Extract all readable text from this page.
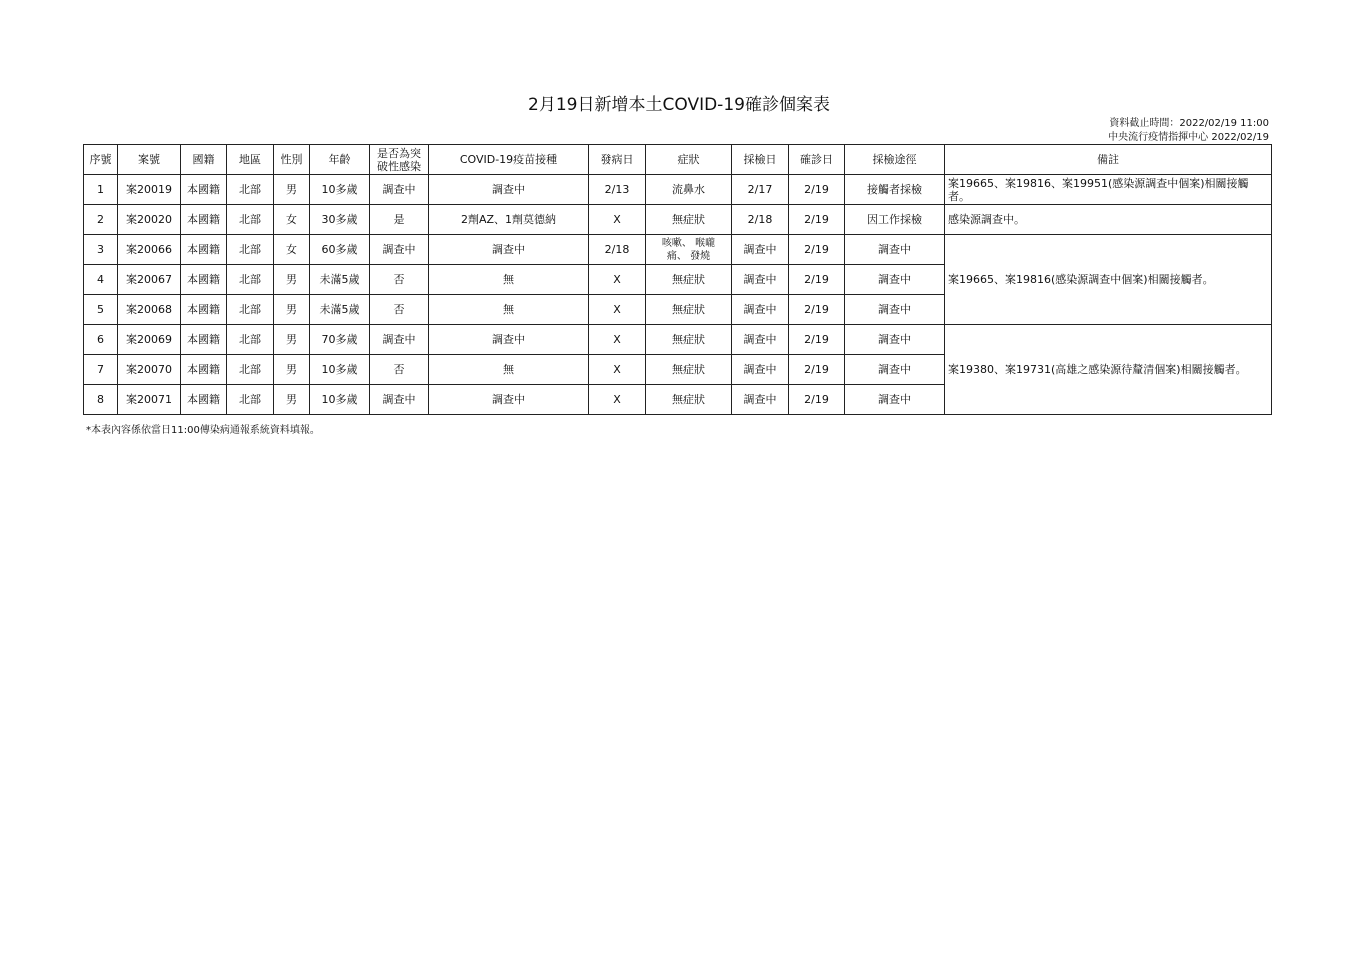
2月19日新增本土COVID-19確診個案表
資料截止時間：2022/02/19 11:00
中央流行疫情指揮中心 2022/02/19
序號	案號	國籍	地區	性別	年齡	是否為突破性感染	COVID-19疫苗接種	發病日	症狀	採檢日	確診日	採檢途徑	備註
1	案20019	本國籍	北部	男	10多歲	調查中	調查中	2/13	流鼻水	2/17	2/19	接觸者採檢	案19665、案19816、案19951(感染源調查中個案)相關接觸者。
2	案20020	本國籍	北部	女	30多歲	是	2劑AZ、1劑莫德納	X	無症狀	2/18	2/19	因工作採檢	感染源調查中。
3	案20066	本國籍	北部	女	60多歲	調查中	調查中	2/18	咳嗽、 喉嚨痛、 發燒	調查中	2/19	調查中	案19665、案19816(感染源調查中個案)相關接觸者。
4	案20067	本國籍	北部	男	未滿5歲	否	無	X	無症狀	調查中	2/19	調查中	
5	案20068	本國籍	北部	男	未滿5歲	否	無	X	無症狀	調查中	2/19	調查中	
6	案20069	本國籍	北部	男	70多歲	調查中	調查中	X	無症狀	調查中	2/19	調查中	案19380、案19731(高雄之感染源待釐清個案)相關接觸者。
7	案20070	本國籍	北部	男	10多歲	否	無	X	無症狀	調查中	2/19	調查中	
8	案20071	本國籍	北部	男	10多歲	調查中	調查中	X	無症狀	調查中	2/19	調查中	
*本表內容係依當日11:00傳染病通報系統資料填報。
